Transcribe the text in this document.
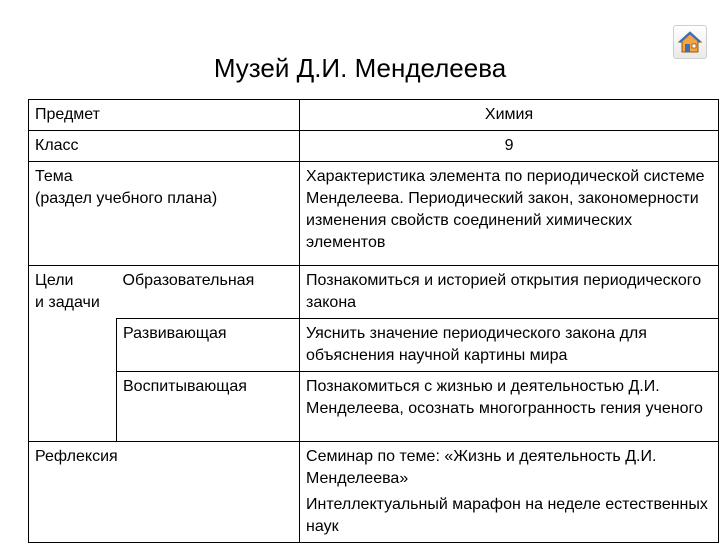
Музей Д.И. Менделеева
Предмет		Химия
Класс		9

Тема
(раздел учебного плана)		Характеристика элемента по периодической системе Менделеева. Периодический закон, закономерности изменения свойств соединений химических элементов

Цели
и задачи	Образовательная	Познакомиться и историей открытия периодического закона
	Развивающая	Уяснить значение периодического закона для объяснения научной картины мира
	Воспитывающая	Познакомиться с жизнью и деятельностью Д.И. Менделеева, осознать многогранность гения ученого
Рефлексия		Семинар по теме: «Жизнь и деятельность Д.И. Менделеева»
Интеллектуальный марафон на неделе естественных наук
